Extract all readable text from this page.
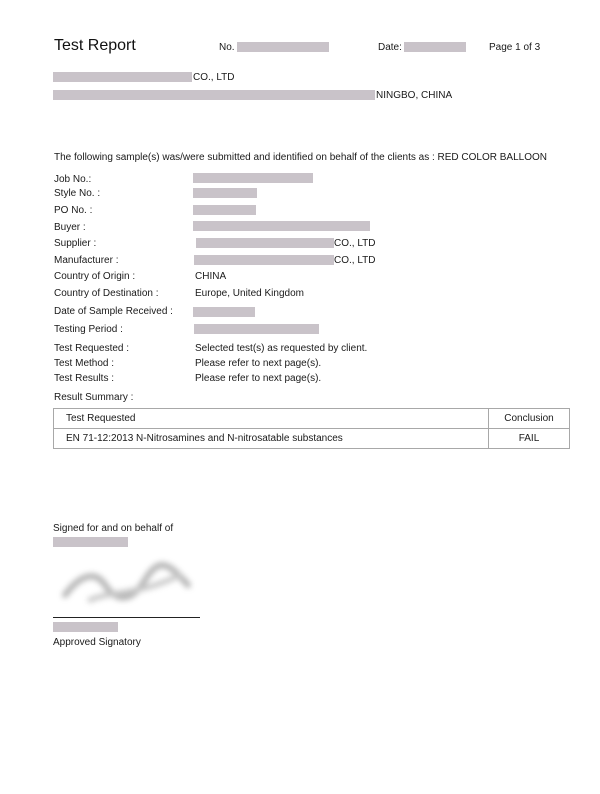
Test Report	No.	Date:	Page 1 of 3
CO., LTD
NINGBO, CHINA
The following sample(s) was/were submitted and identified on behalf of the clients as : RED COLOR BALLOON
Job No.:
Style No. :
PO No. :
Buyer :
Supplier :	CO., LTD
Manufacturer :	CO., LTD
Country of Origin :	CHINA
Country of Destination :	Europe, United Kingdom
Date of Sample Received :
Testing Period :
Test Requested :	Selected test(s) as requested by client.
Test Method :	Please refer to next page(s).
Test Results :	Please refer to next page(s).
Result Summary :
Test Requested	Conclusion
EN 71-12:2013 N-Nitrosamines and N-nitrosatable substances	FAIL
Signed for and on behalf of
Approved Signatory
